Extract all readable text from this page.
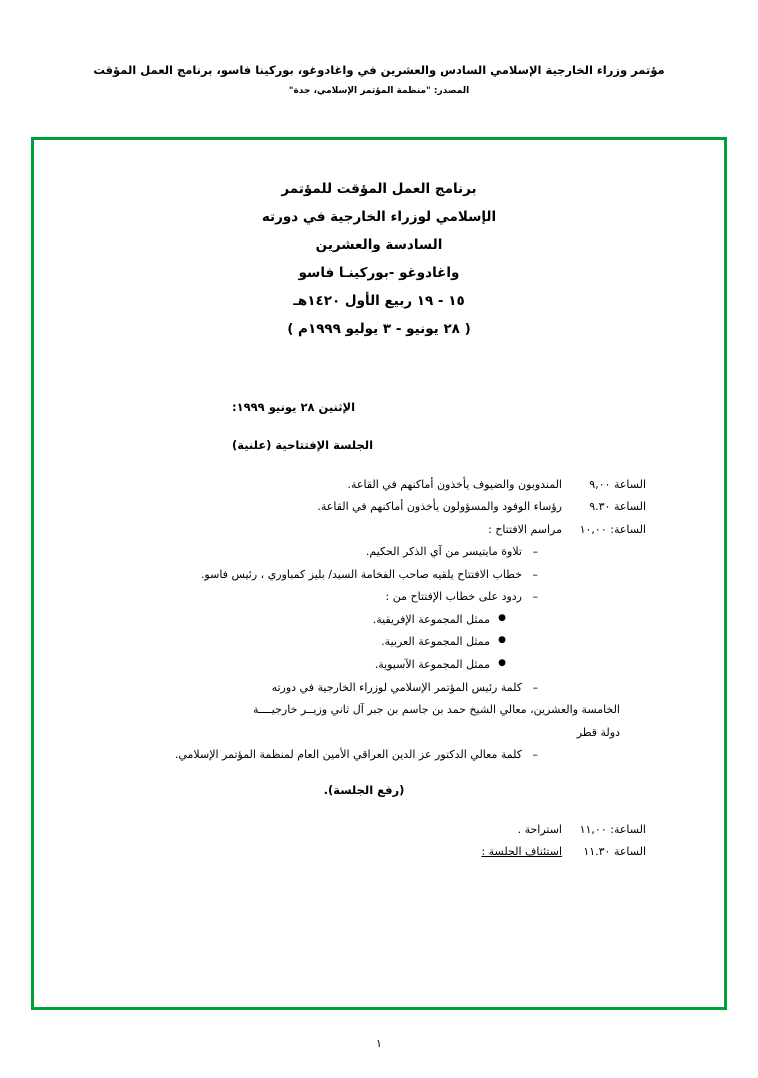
مؤتمر وزراء الخارجية الإسلامي السادس والعشرين في واغادوغو، بوركينا فاسو، برنامج العمل المؤقت
المصدر: "منظمة المؤتمر الإسلامي، جدة"
برنامج العمل المؤقت للمؤتمر
الإسلامي لوزراء الخارجية في دورته
السادسة والعشرين
واغادوغو -بوركينـا فاسو
١٥ - ١٩ ربيع الأول ١٤٢٠هـ
( ٢٨ يونيو - ٣ يوليو ١٩٩٩م )
الإثنين ٢٨ يونيو ١٩٩٩:
الجلسة الإفتتاحية (علنية)
الساعة ٩,٠٠
المندوبون والضيوف يأخذون أماكنهم في القاعة.
الساعة ٩.٣٠
رؤساء الوفود والمسؤولون يأخذون أماكنهم في القاعة.
الساعة: ١٠,٠٠
مراسم الافتتاح :
–
تلاوة مايتيسر من آي الذكر الحكيم.
–
خطاب الافتتاح يلقيه صاحب الفخامة السيد/ بليز كمباوري ، رئيس فاسو.
–
ردود على خطاب الإفتتاح من :
●
ممثل المجموعة الإفريقية.
●
ممثل المجموعة العربية.
●
ممثل المجموعة الآسيوية.
–
كلمة رئيس المؤتمر الإسلامي لوزراء الخارجية في دورته
الخامسة والعشرين، معالي الشيخ حمد بن جاسم بن جبر آل ثاني وزيــر خارجيــــة
دولة قطر
–
كلمة معالي الدكتور عز الدين العراقي الأمين العام لمنظمة المؤتمر الإسلامي.
(رفع الجلسة).
الساعة: ١١,٠٠
استراحة .
الساعة ١١.٣٠
استئناف الجلسة :
١
